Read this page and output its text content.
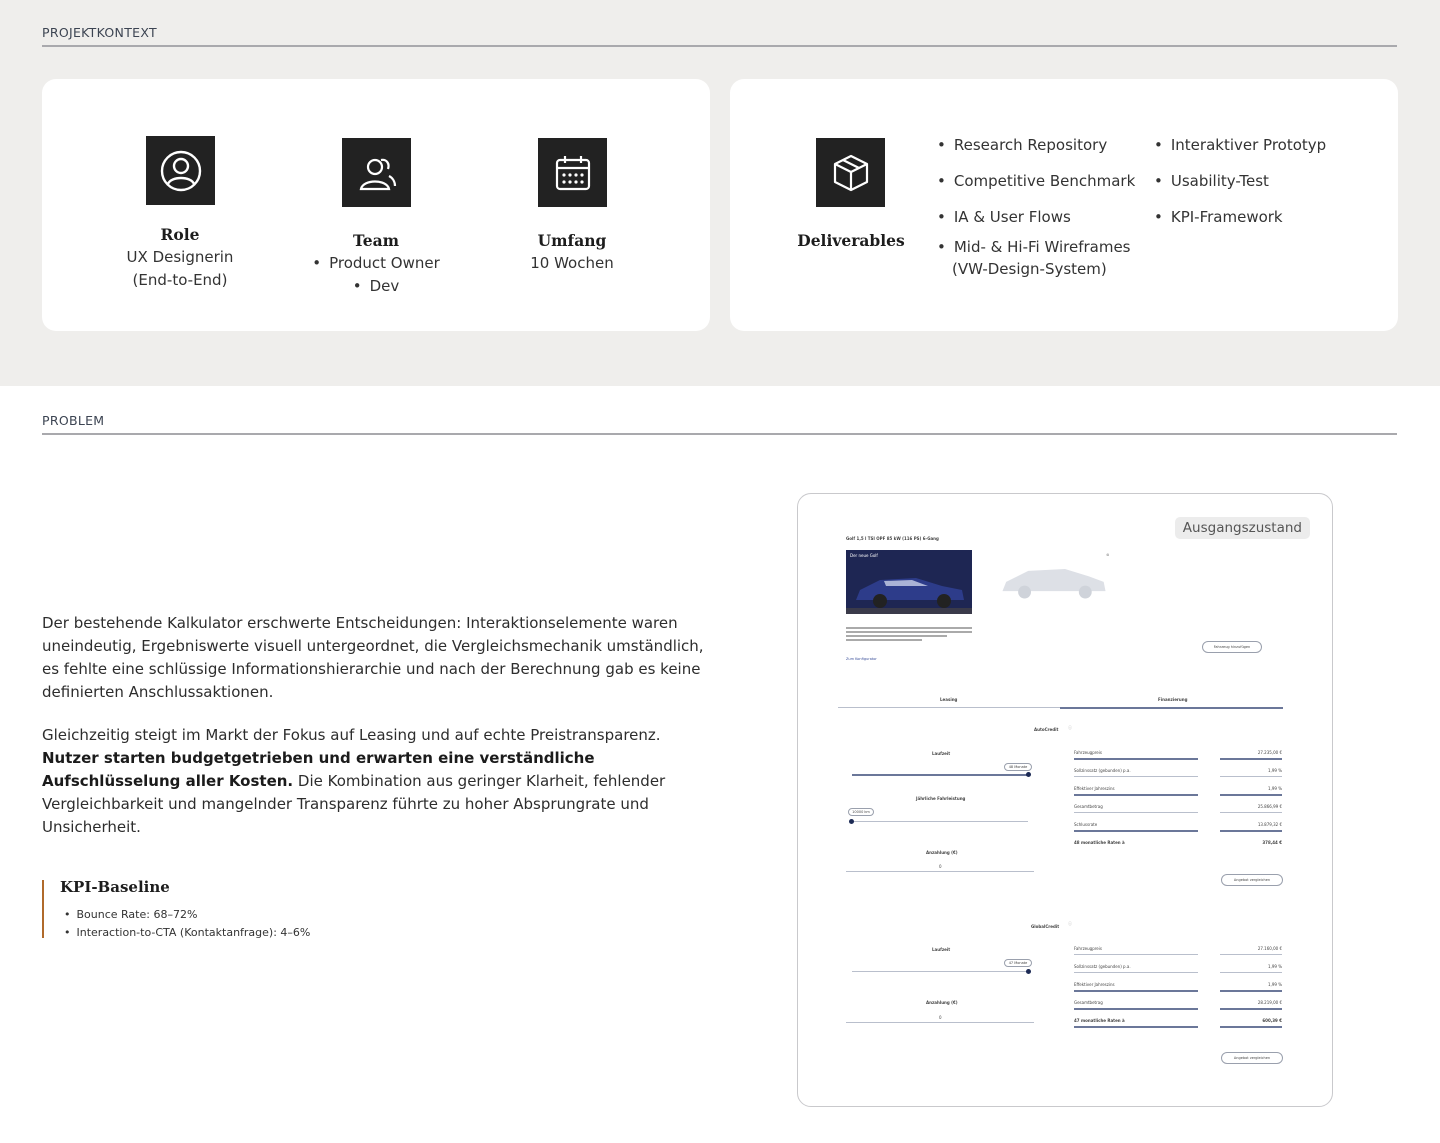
PROJEKTKONTEXT
Role
UX Designerin
(End-to-End)
Team
• Product Owner
• Dev
Umfang
10 Wochen
Deliverables
• Research Repository
• Competitive Benchmark
• IA & User Flows
• Mid- & Hi-Fi Wireframes
(VW-Design-System)
• Interaktiver Prototyp
• Usability-Test
• KPI-Framework
PROBLEM
Der bestehende Kalkulator erschwerte Entscheidungen: Interaktionselemente waren uneindeutig, Ergebniswerte visuell untergeordnet, die Vergleichsmechanik umständlich, es fehlte eine schlüssige Informationshierarchie und nach der Berechnung gab es keine definierten Anschlussaktionen.
Gleichzeitig steigt im Markt der Fokus auf Leasing und auf echte Preistransparenz. Nutzer starten budgetgetrieben und erwarten eine verständliche Aufschlüsselung aller Kosten. Die Kombination aus geringer Klarheit, fehlender Vergleichbarkeit und mangelnder Transparenz führte zu hoher Absprungrate und Unsicherheit.
KPI-Baseline
• Bounce Rate: 68–72%
• Interaction-to-CTA (Kontaktanfrage): 4–6%
Ausgangszustand
Golf 1,5 l TSI OPF 85 kW (116 PS) 6-Gang
Der neue Golf	⊗
Zum Konfigurator
Fahrzeug hinzufügen
Leasing	Finanzierung
AutoCredit ⓘ
Laufzeit
48 Monate
Jährliche Fahrleistung
10000 km
Anzahlung (€)
0
Fahrzeugpreis	27.235,00 €
Sollzinssatz (gebunden) p.a.	1,99 %
Effektiver Jahreszins	1,99 %
Gesamtbetrag	25.866,99 €
Schlussrate	13.879,32 €
48 monatliche Raten à	378,44 €
Angebot vergleichen
GlobalCredit
ⓘ
Laufzeit
47 Monate
Anzahlung (€)
0
Fahrzeugpreis	27.160,00 €
Sollzinssatz (gebunden) p.a.	1,99 %
Effektiver Jahreszins	1,99 %
Gesamtbetrag	28.219,00 €
47 monatliche Raten à	600,39 €
Angebot vergleichen
